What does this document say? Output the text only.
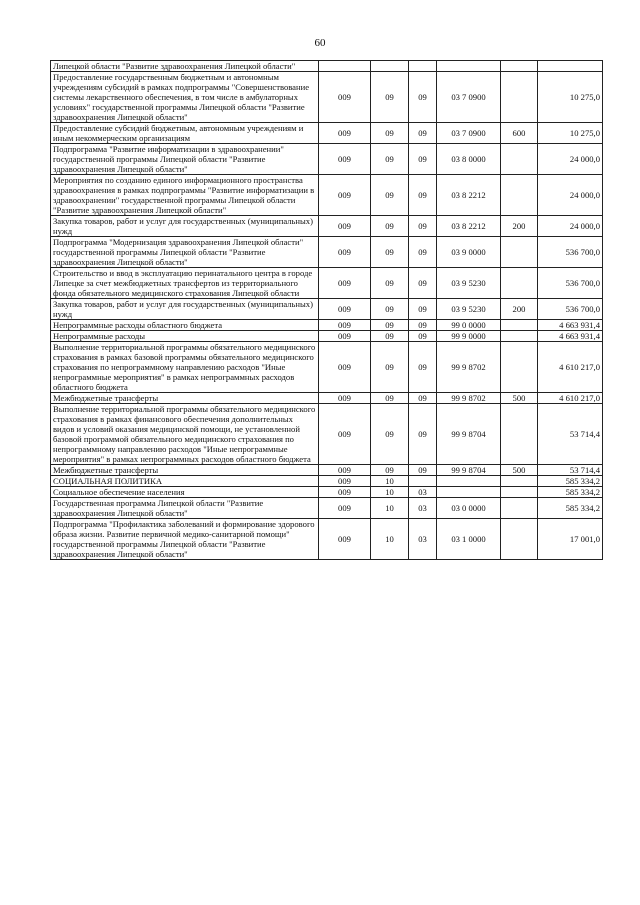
60
Липецкой области "Развитие здравоохранения Липецкой области"						
Предоставление государственным бюджетным и автономным учреждениям субсидий в рамках подпрограммы "Совершенствование системы лекарственного обеспечения, в том числе в амбулаторных условиях" государственной программы Липецкой области "Развитие здравоохранения Липецкой области"	009	09	09	03 7 0900		10 275,0
Предоставление субсидий бюджетным, автономным учреждениям и иным некоммерческим организациям	009	09	09	03 7 0900	600	10 275,0
Подпрограмма "Развитие информатизации в здравоохранении" государственной программы Липецкой области "Развитие здравоохранения Липецкой области"	009	09	09	03 8 0000		24 000,0
Мероприятия по созданию единого информационного пространства здравоохранения в рамках подпрограммы "Развитие информатизации в здравоохранении" государственной программы Липецкой области "Развитие здравоохранения Липецкой области"	009	09	09	03 8 2212		24 000,0
Закупка товаров, работ и услуг для государственных (муниципальных) нужд	009	09	09	03 8 2212	200	24 000,0
Подпрограмма "Модернизация здравоохранения Липецкой области" государственной программы Липецкой области "Развитие здравоохранения Липецкой области"	009	09	09	03 9 0000		536 700,0
Строительство и ввод в эксплуатацию перинатального центра в городе Липецке за счет межбюджетных трансфертов из территориального фонда обязательного медицинского страхования Липецкой области	009	09	09	03 9 5230		536 700,0
Закупка товаров, работ и услуг для государственных (муниципальных) нужд	009	09	09	03 9 5230	200	536 700,0
Непрограммные расходы областного бюджета	009	09	09	99 0 0000		4 663 931,4
Непрограммные расходы	009	09	09	99 9 0000		4 663 931,4
Выполнение территориальной программы обязательного медицинского страхования в рамках базовой программы обязательного медицинского страхования по непрограммному направлению расходов "Иные непрограммные мероприятия" в рамках непрограммных расходов областного бюджета	009	09	09	99 9 8702		4 610 217,0
Межбюджетные трансферты	009	09	09	99 9 8702	500	4 610 217,0
Выполнение территориальной программы обязательного медицинского страхования в рамках финансового обеспечения дополнительных видов и условий оказания медицинской помощи, не установленной базовой программой обязательного медицинского страхования по непрограммному направлению расходов "Иные непрограммные мероприятия" в рамках непрограммных расходов областного бюджета	009	09	09	99 9 8704		53 714,4
Межбюджетные трансферты	009	09	09	99 9 8704	500	53 714,4
СОЦИАЛЬНАЯ ПОЛИТИКА	009	10				585 334,2
Социальное обеспечение населения	009	10	03			585 334,2
Государственная программа Липецкой области "Развитие здравоохранения Липецкой области"	009	10	03	03 0 0000		585 334,2
Подпрограмма "Профилактика заболеваний и формирование здорового образа жизни. Развитие первичной медико-санитарной помощи" государственной программы Липецкой области "Развитие здравоохранения Липецкой области"	009	10	03	03 1 0000		17 001,0
